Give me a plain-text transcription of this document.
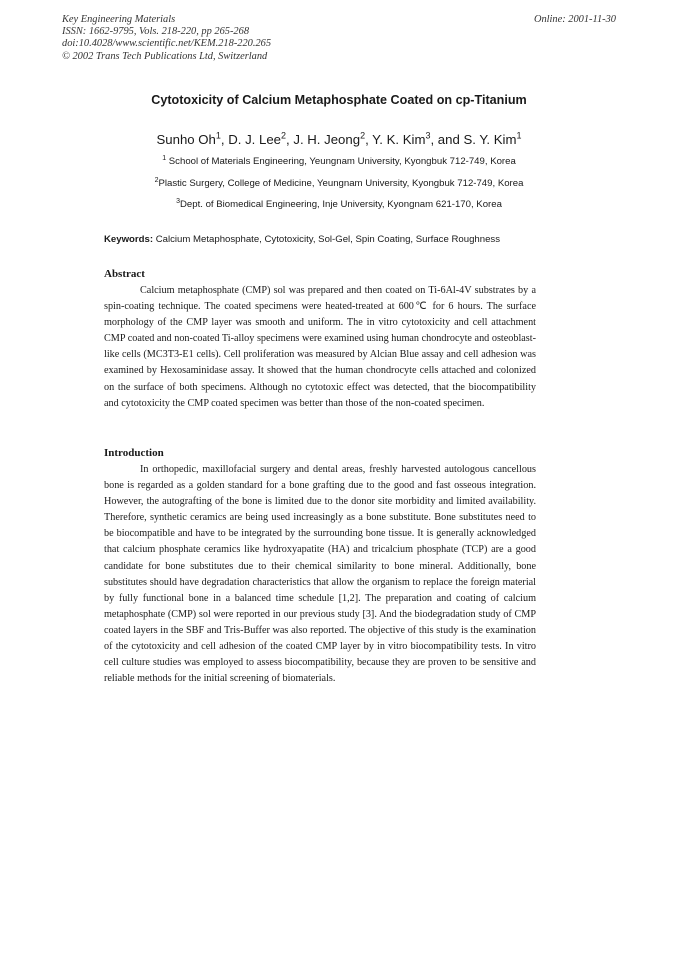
Key Engineering Materials
ISSN: 1662-9795, Vols. 218-220, pp 265-268
doi:10.4028/www.scientific.net/KEM.218-220.265
© 2002 Trans Tech Publications Ltd, Switzerland
Online: 2001-11-30
Cytotoxicity of Calcium Metaphosphate Coated on cp-Titanium
Sunho Oh$^1$, D. J. Lee$^2$, J. H. Jeong$^2$, Y. K. Kim$^3$, and S. Y. Kim$^1$
$^1$ School of Materials Engineering, Yeungnam University, Kyongbuk 712-749, Korea
$^2$Plastic Surgery, College of Medicine, Yeungnam University, Kyongbuk 712-749, Korea
$^3$Dept. of Biomedical Engineering, Inje University, Kyongnam 621-170, Korea
Keywords: Calcium Metaphosphate, Cytotoxicity, Sol-Gel, Spin Coating, Surface Roughness
Abstract
Calcium metaphosphate (CMP) sol was prepared and then coated on Ti-6Al-4V substrates by a spin-coating technique. The coated specimens were heated-treated at 600℃ for 6 hours. The surface morphology of the CMP layer was smooth and uniform. The in vitro cytotoxicity and cell attachment CMP coated and non-coated Ti-alloy specimens were examined using human chondrocyte and osteoblast-like cells (MC3T3-E1 cells). Cell proliferation was measured by Alcian Blue assay and cell adhesion was examined by Hexosaminidase assay. It showed that the human chondrocyte cells attached and colonized on the surface of both specimens. Although no cytotoxic effect was detected, that the biocompatibility and cytotoxicity the CMP coated specimen was better than those of the non-coated specimen.
Introduction
In orthopedic, maxillofacial surgery and dental areas, freshly harvested autologous cancellous bone is regarded as a golden standard for a bone grafting due to the good and fast osseous integration. However, the autografting of the bone is limited due to the donor site morbidity and limited availability. Therefore, synthetic ceramics are being used increasingly as a bone substitute. Bone substitutes need to be biocompatible and have to be integrated by the surrounding bone tissue. It is generally acknowledged that calcium phosphate ceramics like hydroxyapatite (HA) and tricalcium phosphate (TCP) are a good candidate for bone substitutes due to their chemical similarity to bone mineral. Additionally, bone substitutes should have degradation characteristics that allow the organism to replace the foreign material by fully functional bone in a balanced time schedule [1,2]. The preparation and coating of calcium metaphosphate (CMP) sol were reported in our previous study [3]. And the biodegradation study of CMP coated layers in the SBF and Tris-Buffer was also reported. The objective of this study is the examination of the cytotoxicity and cell adhesion of the coated CMP layer by in vitro biocompatibility tests. In vitro cell culture studies was employed to assess biocompatibility, because they are proven to be sensitive and reliable methods for the initial screening of biomaterials.
